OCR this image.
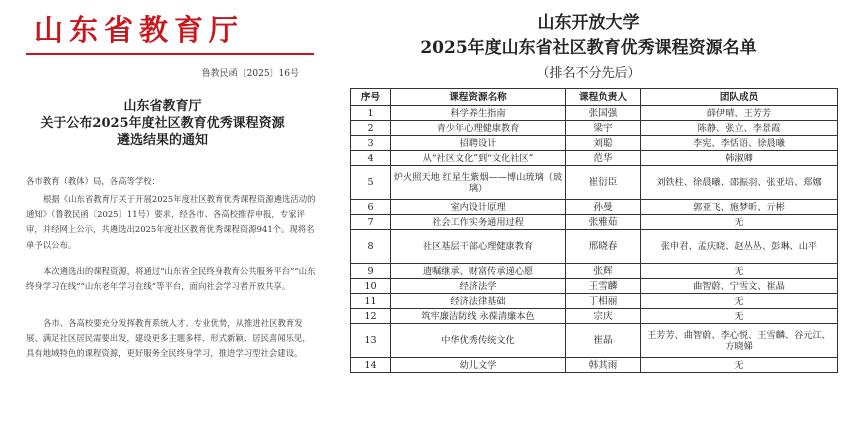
山东省教育厅
鲁教民函〔2025〕16号
山东省教育厅
关于公布2025年度社区教育优秀课程资源
遴选结果的通知

各市教育（教体）局，各高等学校：

根据《山东省教育厅关于开展2025年度社区教育优秀课程资源遴选活动的通知》（鲁教民函〔2025〕11号）要求，经各市、各高校推荐申报，专家评审，并经网上公示，共遴选出2025年度社区教育优秀课程资源941个。现将名单予以公布。

本次遴选出的课程资源，将通过“山东省全民终身教育公共服务平台”“山东终身学习在线”“山东老年学习在线”等平台，面向社会学习者开放共享。

各市、各高校要充分发挥教育系统人才、专业优势，从推进社区教育发展、满足社区居民需要出发，建设更多主题多样、形式新颖、居民喜闻乐见，具有地域特色的课程资源，更好服务全民终身学习，推进学习型社会建设。

山东开放大学
2025年度山东省社区教育优秀课程资源名单
（排名不分先后）
序号	课程资源名称	课程负责人	团队成员
1	科学养生指南	张国强	薛伊晴、王芳芳
2	青少年心理健康教育	梁宇	陈静、张立、李景霞
3	招聘设计	刘聪	李宪、李恬语、徐晨曦
4	从“社区文化”到“文化社区”	范华	韩淑卿
5	炉火照天地 红星生紫烟——博山琉璃（玻璃）	崔衍臣	刘铁柱、徐晨曦、邵振羽、张亚培、郑娜
6	室内设计原理	孙曼	郭亚飞、施梦昕、亓彬
7	社会工作实务通用过程	张雅茹	无
8	社区基层干部心理健康教育	邢晓春	张申君、孟庆晓、赵丛丛、彭琳、山平
9	遗嘱继承、财富传承递心愿	张辉	无
10	经济法学	王雪麟	曲智蔚、宁雪文、崔晶
11	经济法律基础	丁相丽	无
12	筑牢廉洁防线 永葆清廉本色	宗庆	无
13	中华优秀传统文化	崔晶	王芳芳、曲智蔚、李心悦、王雪麟、谷元江、方晓娣
14	幼儿文学	韩其雨	无
